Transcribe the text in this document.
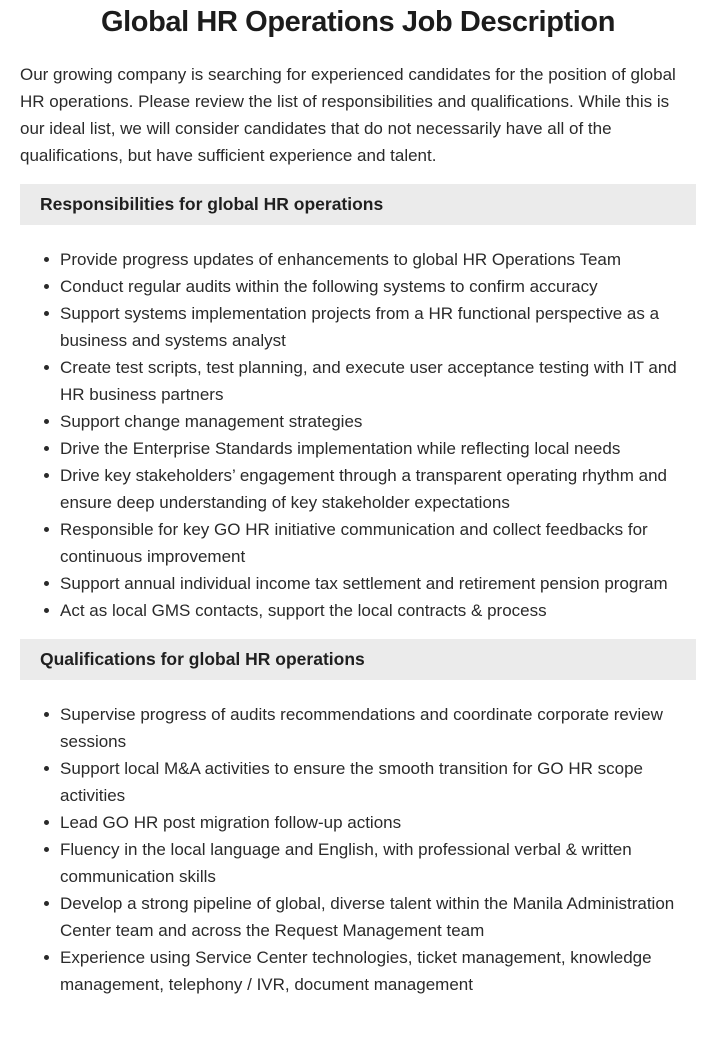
Global HR Operations Job Description

Our growing company is searching for experienced candidates for the position of global HR operations. Please review the list of responsibilities and qualifications. While this is our ideal list, we will consider candidates that do not necessarily have all of the qualifications, but have sufficient experience and talent.

Responsibilities for global HR operations
Provide progress updates of enhancements to global HR Operations Team
Conduct regular audits within the following systems to confirm accuracy
Support systems implementation projects from a HR functional perspective as a business and systems analyst
Create test scripts, test planning, and execute user acceptance testing with IT and HR business partners
Support change management strategies
Drive the Enterprise Standards implementation while reflecting local needs
Drive key stakeholders’ engagement through a transparent operating rhythm and ensure deep understanding of key stakeholder expectations
Responsible for key GO HR initiative communication and collect feedbacks for continuous improvement
Support annual individual income tax settlement and retirement pension program
Act as local GMS contacts, support the local contracts & process
Qualifications for global HR operations
Supervise progress of audits recommendations and coordinate corporate review sessions
Support local M&A activities to ensure the smooth transition for GO HR scope activities
Lead GO HR post migration follow-up actions
Fluency in the local language and English, with professional verbal & written communication skills
Develop a strong pipeline of global, diverse talent within the Manila Administration Center team and across the Request Management team
Experience using Service Center technologies, ticket management, knowledge management, telephony / IVR, document management
